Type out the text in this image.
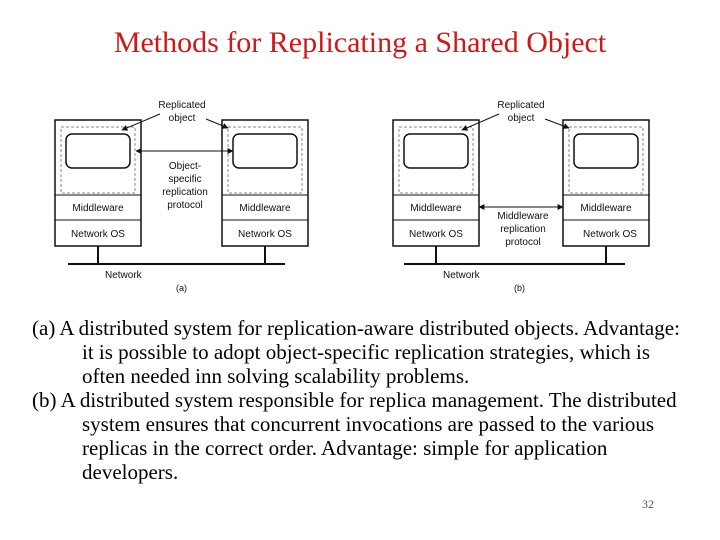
Methods for Replicating a Shared Object
Middleware
Network OS
Middleware
Network OS
Replicated
object
Object-
specific
replication
protocol
Network
(a)
Middleware
Network OS
Middleware
Network OS
Replicated
object
Middleware
replication
protocol
Network
(b)

(a) A distributed system for replication-aware distributed objects. Advantage: it is possible to adopt object-specific replication strategies, which is often needed inn solving scalability problems.

(b) A distributed system responsible for replica management. The distributed system ensures that concurrent invocations are passed to the various replicas in the correct order. Advantage: simple for application developers.

32
